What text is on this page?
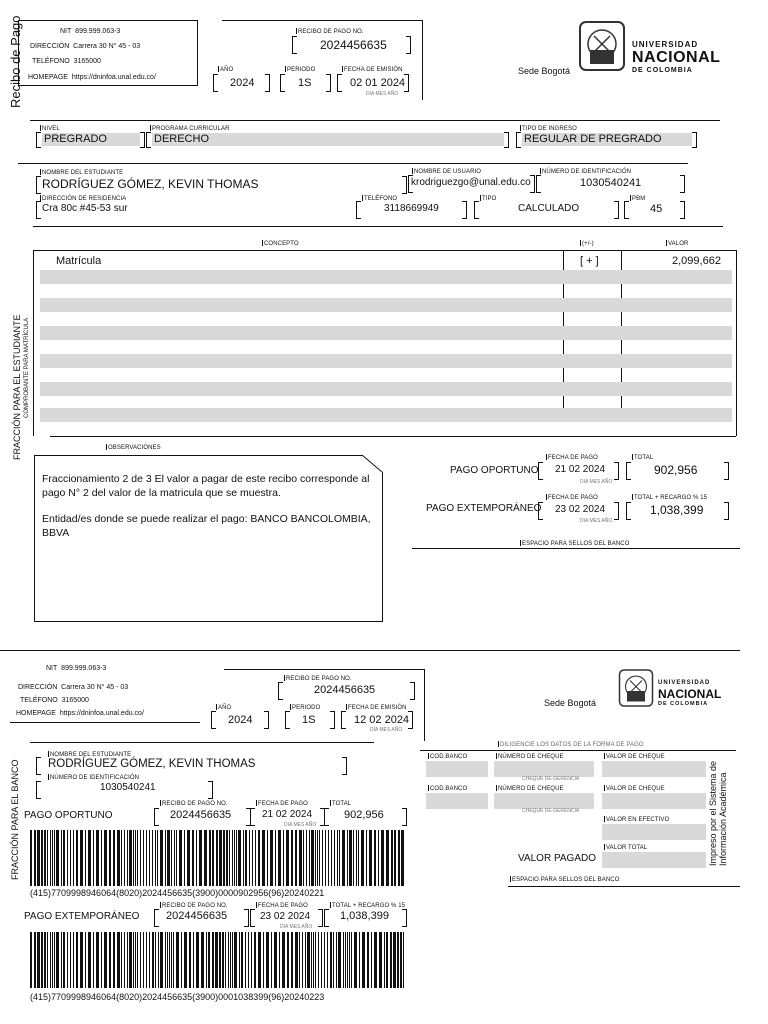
Recibo de Pago	NIT 899.999.063-3
DIRECCIÓN Carrera 30 N° 45 - 03
TELÉFONO 3165000
HOMEPAGE https://dninfoa.unal.edu.co/
RECIBO DE PAGO NO.
2024456635
AÑO
2024
PERIODO
1S
FECHA DE EMISIÓN
02 01 2024
DIA MES AÑO
Sede Bogotá
UNIVERSIDAD
NACIONAL
DE COLOMBIA
NIVEL
PREGRADO
PROGRAMA CURRICULAR
DERECHO
TIPO DE INGRESO
REGULAR DE PREGRADO
NOMBRE DEL ESTUDIANTE
RODRÍGUEZ GÓMEZ, KEVIN THOMAS
NOMBRE DE USUARIO
krodriguezgo@unal.edu.co
NÚMERO DE IDENTIFICACIÓN
1030540241
DIRECCIÓN DE RESIDENCIA
Cra 80c #45-53 sur
TELÉFONO
3118669949
TIPO
CALCULADO
PBM
45
FRACCIÓN PARA EL ESTUDIANTE COMPROBANTE PARA MATRÍCULA
CONCEPTO	(+/-)	VALOR
Matrícula	[ + ]	2,099,662
OBSERVACIONES
Fraccionamiento 2 de 3 El valor a pagar de este recibo corresponde al pago N° 2 del valor de la matricula que se muestra.
Entidad/es donde se puede realizar el pago: BANCO BANCOLOMBIA, BBVA
PAGO OPORTUNO
FECHA DE PAGO
21 02 2024
DIA MES AÑO
TOTAL
902,956
PAGO EXTEMPORÁNEO
FECHA DE PAGO
23 02 2024
DIA MES AÑO
TOTAL + RECARGO % 15
1,038,399
ESPACIO PARA SELLOS DEL BANCO
NIT 899.999.063-3
DIRECCIÓN Carrera 30 N° 45 - 03
TELÉFONO 3165000
HOMEPAGE https://dninfoa.unal.edu.co/
RECIBO DE PAGO NO.
2024456635
AÑO
2024
PERIODO
1S
FECHA DE EMISIÓN
12 02 2024
DIA MES AÑO
Sede Bogotá
UNIVERSIDAD
NACIONAL
DE COLOMBIA
FRACCIÓN PARA EL BANCO
NOMBRE DEL ESTUDIANTE
RODRÍGUEZ GÓMEZ, KEVIN THOMAS
NÚMERO DE IDENTIFICACIÓN
1030540241
DILIGENCIE LOS DATOS DE LA FORMA DE PAGO
COD.BANCO	NÚMERO DE CHEQUE	VALOR DE CHEQUE
CHEQUE DE GERENCIA
COD.BANCO	NÚMERO DE CHEQUE	VALOR DE CHEQUE
CHEQUE DE GERENCIA
VALOR EN EFECTIVO
VALOR TOTAL
VALOR PAGADO
ESPACIO PARA SELLOS DEL BANCO
Impreso por el Sistema de Información Académica
PAGO OPORTUNO
RECIBO DE PAGO NO.
2024456635
FECHA DE PAGO
21 02 2024
DIA MES AÑO
TOTAL
902,956
(415)7709998946064(8020)2024456635(3900)0000902956(96)20240221
PAGO EXTEMPORÁNEO
RECIBO DE PAGO NO.
2024456635
FECHA DE PAGO
23 02 2024
DIA MES AÑO
TOTAL + RECARGO % 15
1,038,399
(415)7709998946064(8020)2024456635(3900)0001038399(96)20240223
